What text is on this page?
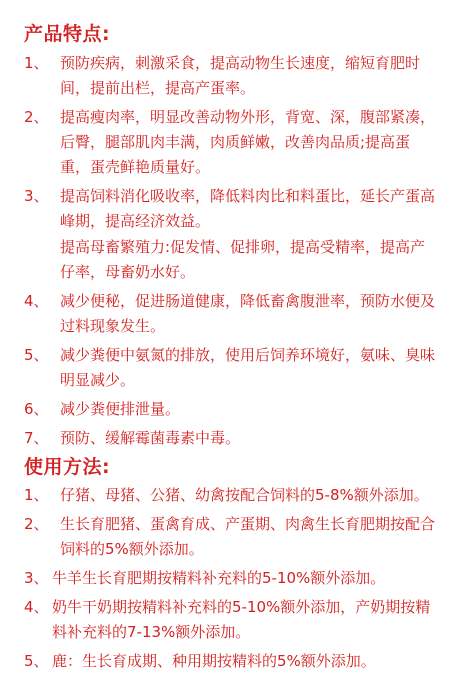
产品特点:
1、 预防疾病，刺激采食，提高动物生长速度，缩短育肥时间，提前出栏，提高产蛋率。
2、 提高瘦肉率，明显改善动物外形，背宽、深，腹部紧凑，后臀，腿部肌肉丰满，肉质鲜嫩，改善肉品质;提高蛋重，蛋壳鲜艳质量好。
3、 提高饲料消化吸收率，降低料肉比和料蛋比，延长产蛋高峰期，提高经济效益。
提高母畜繁殖力:促发情、促排卵，提高受精率，提高产仔率，母畜奶水好。
4、 减少便秘，促进肠道健康，降低畜禽腹泄率，预防水便及过料现象发生。
5、 减少粪便中氨氮的排放，使用后饲养环境好，氨味、臭味明显减少。
6、 减少粪便排泄量。
7、 预防、缓解霉菌毒素中毒。
使用方法:
1、 仔猪、母猪、公猪、幼禽按配合饲料的5-8%额外添加。
2、 生长育肥猪、蛋禽育成、产蛋期、肉禽生长育肥期按配合饲料的5%额外添加。
3、 牛羊生长育肥期按精料补充料的5-10%额外添加。
4、 奶牛干奶期按精料补充料的5-10%额外添加，产奶期按精料补充料的7-13%额外添加。
5、 鹿：生长育成期、种用期按精料的5%额外添加。
